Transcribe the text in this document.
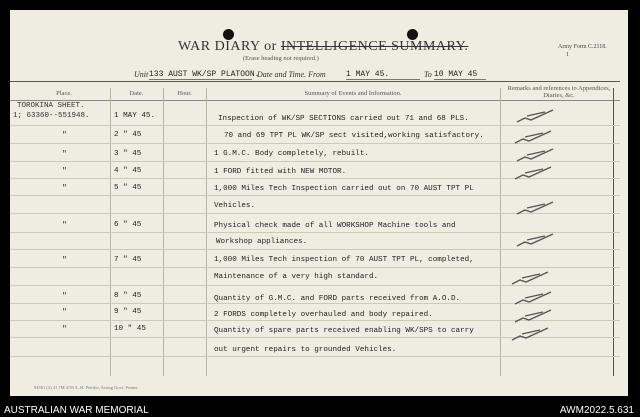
WAR DIARY or INTELLIGENCE SUMMARY.
(Erase heading not required.)
Army Form C.2118.
1
Unit 133 AUST WK/SP PLATOON.
Date and Time. From	1 MAY 45.	To 10 MAY 45
Place.	Date.	Hour.	Summary of Events and Information.
Remarks and references to Appendices, Diaries, &c.
TOROKINA SHEET.
1; 63360--551948.	1 MAY 45.	Inspection of WK/SP SECTIONS carried out 71 and 68 PLS.
"	2 " 45	70 and 69 TPT PL WK/SP sect visited,working satisfactory.
"	3 " 45	1 G.M.C. Body completely, rebuilt.
"	4 " 45	1 FORD fitted with NEW MOTOR.
"	5 " 45	1,000 Miles Tech Inspection carried out on 70 AUST TPT PL
Vehicles.
"	6 " 45	Physical check made of all WORKSHOP Machine tools and
Workshop appliances.
"	7 " 45	1,000 Miles Tech inspection of 70 AUST TPT PL, completed,
Maintenance of a very high standard.
"	8 " 45	Quantity of G.M.C. and FORD parts received from A.O.D.
"	9 " 45	2 FORDS completely overhauled and body repaired.
"	10 " 45	Quantity of spare parts received enabling WK/SPS to carry
out urgent repairs to grounded Vehicles.
94501 (3) 41 7M 4/39 A. H. Pettifer, Acting Govt. Printer.
AUSTRALIAN WAR MEMORIAL	AWM2022.5.631
